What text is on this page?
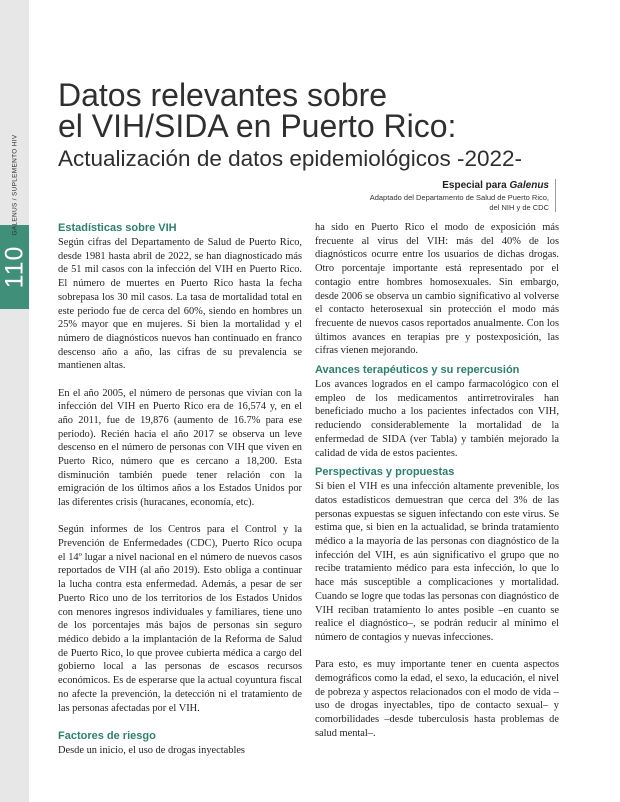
110
GALENUS / SUPLEMENTO HIV
Datos relevantes sobre
el VIH/SIDA en Puerto Rico:
Actualización de datos epidemiológicos -2022-
Especial para Galenus
Adaptado del Departamento de Salud de Puerto Rico,
del NIH y de CDC
Estadísticas sobre VIH

Según cifras del Departamento de Salud de Puerto Rico, desde 1981 hasta abril de 2022, se han diagnosticado más de 51 mil casos con la infección del VIH en Puerto Rico. El número de muertes en Puerto Rico hasta la fecha sobrepasa los 30 mil casos. La tasa de mortalidad total en este periodo fue de cerca del 60%, siendo en hombres un 25% mayor que en mujeres. Si bien la mortalidad y el número de diagnósticos nuevos han continuado en franco descenso año a año, las cifras de su prevalencia se mantienen altas.

En el año 2005, el número de personas que vivían con la infección del VIH en Puerto Rico era de 16,574 y, en el año 2011, fue de 19,876 (aumento de 16.7% para ese periodo). Recién hacia el año 2017 se observa un leve descenso en el número de personas con VIH que viven en Puerto Rico, número que es cercano a 18,200. Esta disminución también puede tener relación con la emigración de los últimos años a los Estados Unidos por las diferentes crisis (huracanes, economía, etc).

Según informes de los Centros para el Control y la Prevención de Enfermedades (CDC), Puerto Rico ocupa el 14º lugar a nivel nacional en el número de nuevos casos reportados de VIH (al año 2019). Esto obliga a continuar la lucha contra esta enfermedad. Además, a pesar de ser Puerto Rico uno de los territorios de los Estados Unidos con menores ingresos individuales y familiares, tiene uno de los porcentajes más bajos de personas sin seguro médico debido a la implantación de la Reforma de Salud de Puerto Rico, lo que provee cubierta médica a cargo del gobierno local a las personas de escasos recursos económicos. Es de esperarse que la actual coyuntura fiscal no afecte la prevención, la detección ni el tratamiento de las personas afectadas por el VIH.

Factores de riesgo

Desde un inicio, el uso de drogas inyectables

ha sido en Puerto Rico el modo de exposición más frecuente al virus del VIH: más del 40% de los diagnósticos ocurre entre los usuarios de dichas drogas. Otro porcentaje importante está representado por el contagio entre hombres homosexuales. Sin embargo, desde 2006 se observa un cambio significativo al volverse el contacto heterosexual sin protección el modo más frecuente de nuevos casos reportados anualmente. Con los últimos avances en terapias pre y postexposición, las cifras vienen mejorando.

Avances terapéuticos y su repercusión

Los avances logrados en el campo farmacológico con el empleo de los medicamentos antirretrovirales han beneficiado mucho a los pacientes infectados con VIH, reduciendo considerablemente la mortalidad de la enfermedad de SIDA (ver Tabla) y también mejorado la calidad de vida de estos pacientes.

Perspectivas y propuestas

Si bien el VIH es una infección altamente prevenible, los datos estadísticos demuestran que cerca del 3% de las personas expuestas se siguen infectando con este virus. Se estima que, si bien en la actualidad, se brinda tratamiento médico a la mayoría de las personas con diagnóstico de la infección del VIH, es aún significativo el grupo que no recibe tratamiento médico para esta infección, lo que lo hace más susceptible a complicaciones y mortalidad. Cuando se logre que todas las personas con diagnóstico de VIH reciban tratamiento lo antes posible –en cuanto se realice el diagnóstico–, se podrán reducir al mínimo el número de contagios y nuevas infecciones.

Para esto, es muy importante tener en cuenta aspectos demográficos como la edad, el sexo, la educación, el nivel de pobreza y aspectos relacionados con el modo de vida –uso de drogas inyectables, tipo de contacto sexual– y comorbilidades –desde tuberculosis hasta problemas de salud mental–.
